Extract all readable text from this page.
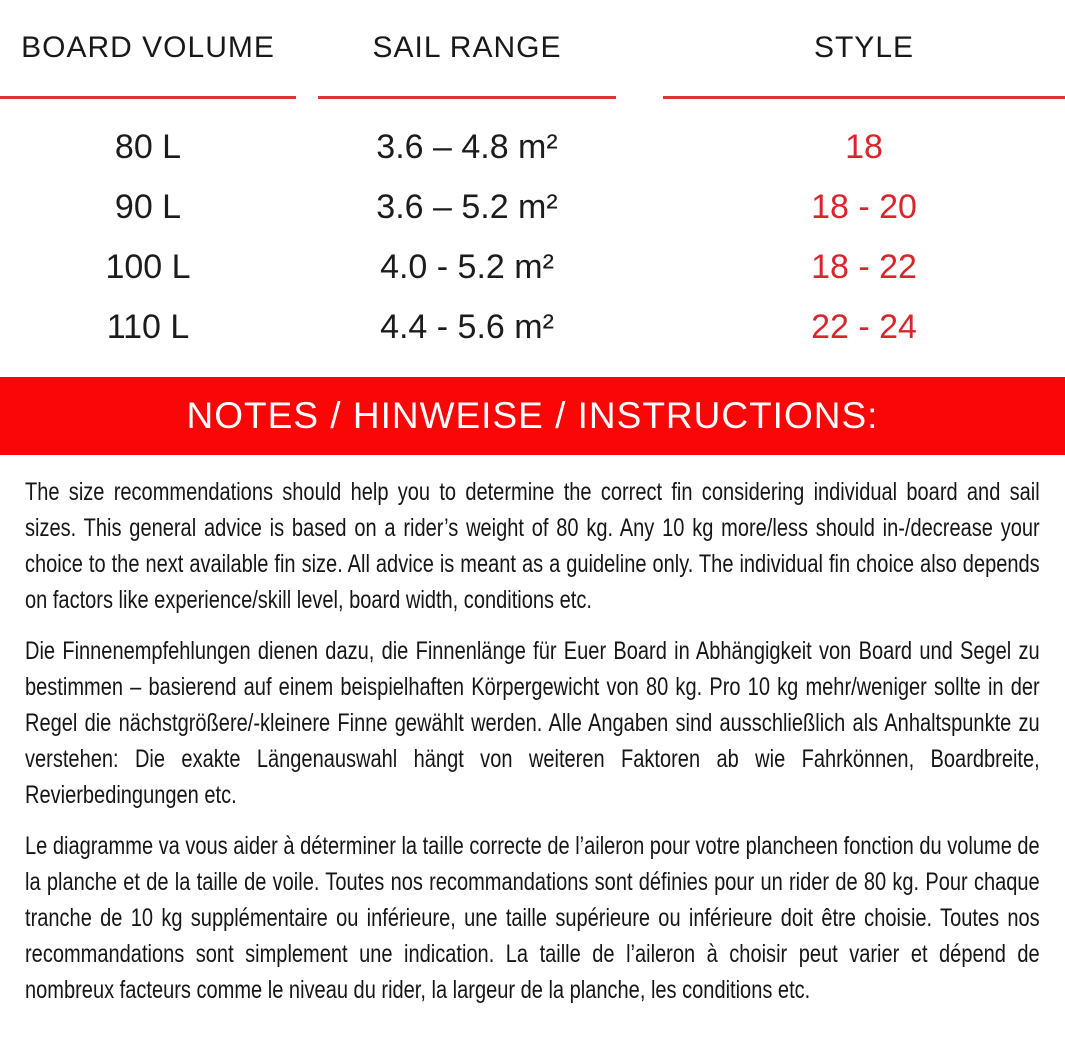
BOARD VOLUME	SAIL RANGE	STYLE
80 L	3.6 – 4.8 m²	18
90 L	3.6 – 5.2 m²	18 - 20
100 L	4.0 - 5.2 m²	18 - 22
110 L	4.4 - 5.6 m²	22 - 24
NOTES / HINWEISE / INSTRUCTIONS:

The size recommendations should help you to determine the correct fin considering individual board and sail sizes. This general advice is based on a rider’s weight of 80 kg. Any 10 kg more/less should in-/decrease your choice to the next available fin size. All advice is meant as a guideline only. The individual fin choice also depends on factors like experience/skill level, board width, conditions etc.

Die Finnenempfehlungen dienen dazu, die Finnenlänge für Euer Board in Abhängigkeit von Board und Segel zu bestimmen – basierend auf einem beispielhaften Körpergewicht von 80 kg. Pro 10 kg mehr/weniger sollte in der Regel die nächstgrößere/-kleinere Finne gewählt werden. Alle Angaben sind ausschließlich als Anhaltspunkte zu verstehen: Die exakte Längenauswahl hängt von weiteren Faktoren ab wie Fahrkönnen, Boardbreite, Revierbedingungen etc.

Le diagramme va vous aider à déterminer la taille correcte de l’aileron pour votre plancheen fonction du volume de la planche et de la taille de voile. Toutes nos recommandations sont définies pour un rider de 80 kg. Pour chaque tranche de 10 kg supplémentaire ou inférieure, une taille supérieure ou inférieure doit être choisie. Toutes nos recommandations sont simplement une indication. La taille de l’aileron à choisir peut varier et dépend de nombreux facteurs comme le niveau du rider, la largeur de la planche, les conditions etc.
